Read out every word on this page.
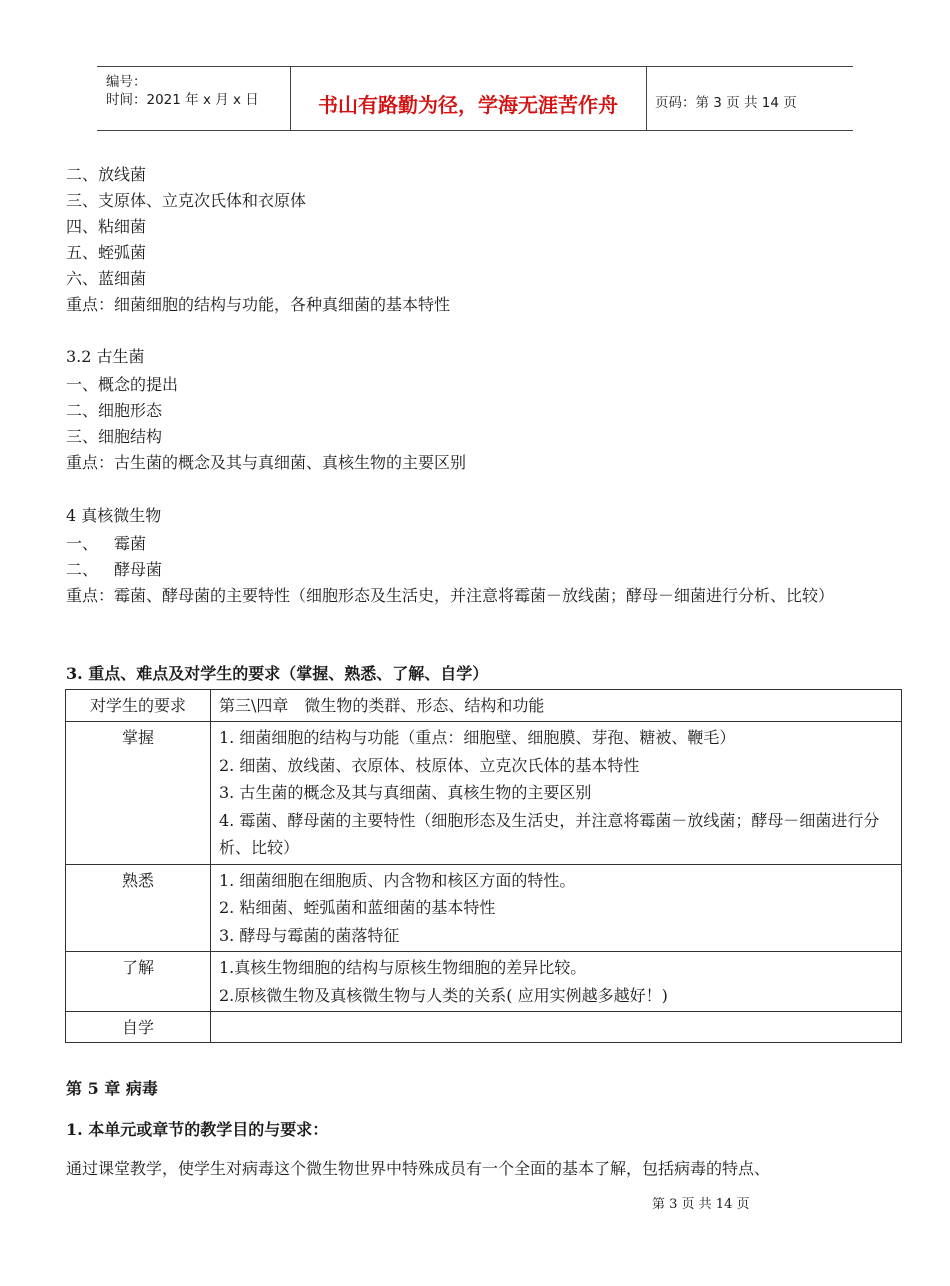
编号：
时间：2021 年 x 月 x 日	书山有路勤为径，学海无涯苦作舟	页码：第 3 页 共 14 页
二、放线菌
三、支原体、立克次氏体和衣原体
四、粘细菌
五、蛭弧菌
六、蓝细菌
重点：细菌细胞的结构与功能，各种真细菌的基本特性
3.2 古生菌
一、概念的提出
二、细胞形态
三、细胞结构
重点：古生菌的概念及其与真细菌、真核生物的主要区别
4 真核微生物
一、 霉菌
二、 酵母菌
重点：霉菌、酵母菌的主要特性（细胞形态及生活史，并注意将霉菌－放线菌；酵母－细菌进行分析、比较）
3. 重点、难点及对学生的要求（掌握、熟悉、了解、自学）
对学生的要求	第三\四章　微生物的类群、形态、结构和功能
掌握	1. 细菌细胞的结构与功能（重点：细胞壁、细胞膜、芽孢、糖被、鞭毛）
2. 细菌、放线菌、衣原体、枝原体、立克次氏体的基本特性
3. 古生菌的概念及其与真细菌、真核生物的主要区别
4. 霉菌、酵母菌的主要特性（细胞形态及生活史，并注意将霉菌－放线菌；酵母－细菌进行分析、比较）

熟悉	1. 细菌细胞在细胞质、内含物和核区方面的特性。
2. 粘细菌、蛭弧菌和蓝细菌的基本特性
3. 酵母与霉菌的菌落特征

了解	1.真核生物细胞的结构与原核生物细胞的差异比较。
2.原核微生物及真核微生物与人类的关系( 应用实例越多越好！)

自学	
第 5 章 病毒
1. 本单元或章节的教学目的与要求：
通过课堂教学，使学生对病毒这个微生物世界中特殊成员有一个全面的基本了解，包括病毒的特点、
第 3 页 共 14 页
